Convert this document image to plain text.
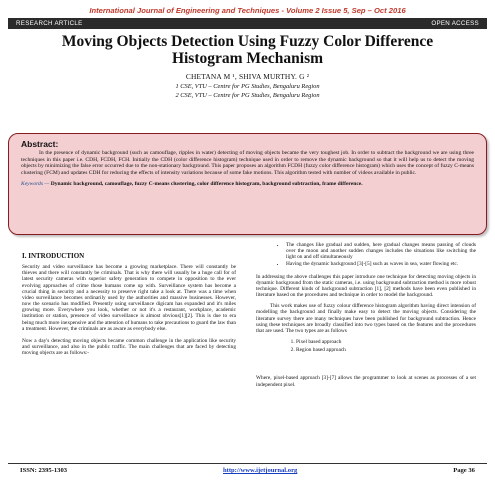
International Journal of Engineering and Techniques - Volume 2 Issue 5, Sep – Oct 2016
RESEARCH ARTICLE	OPEN ACCESS
Moving Objects Detection Using Fuzzy Color Difference Histogram Mechanism
CHETANA M ¹, SHIVA MURTHY. G ²
1 CSE, VTU – Centre for PG Studies, Bengaluru Region
2 CSE, VTU – Centre for PG Studies, Bengaluru Region
Abstract:

In the presence of dynamic background (such as camouflage, ripples in water) detecting of moving objects became the very toughest job. In order to subtract the background we are using three techniques in this paper i.e. CDH, FCDH, FCH. Initially the CDH (color difference histogram) technique used in order to remove the dynamic background so that it will help us to detect the moving objects by minimizing the false error occurred due to the non-stationary background. This paper proposes an algorithm FCDH (fuzzy color difference histogram) which uses the concept of fuzzy C-means clustering (FCM) and updates CDH for reducing the effects of intensity variations because of some fake motions. This algorithm tested with number of videos available in public.

Keywords — Dynamic background, camouflage, fuzzy C-means clustering, color difference histogram, background subtraction, frame difference.

I. INTRODUCTION

Security and video surveillance has become a growing marketplace. There will constantly be thieves and there will constantly be criminals. That is why there will usually be a huge call for of latest security cameras with superior safety generation to compete in opposition to the ever evolving approaches of crime those humans come up with. Surveillance system has become a crucial thing in security and a necessity to preserve right take a look at. There was a time when video surveillance becomes ordinarily used by the authorities and massive businesses. However, now the scenario has modified. Presently using surveillance digicam has expanded and it's miles growing more. Everywhere you look, whether or not it's a restaurant, workplace, academic institution or station, presence of video surveillance is almost obvious[1][2]. This is due to era being much more inexpensive and the attention of humans to take precautions to guard the law than a treatment. However, the criminals are as aware as everybody else.

Now a day's detecting moving objects became common challenge in the application like security and surveillance, and also in the public traffic. The main challenges that are faced by detecting moving objects are as follows:-

• The changes like gradual and sudden, here gradual changes means passing of clouds over the moon and another sudden changes includes the situations like switching the light on and off simultaneously
• Having the dynamic background [3]-[5] such as waves in sea, water flowing etc.

In addressing the above challenges this paper introduce one technique for detecting moving objects in dynamic background from the static cameras, i.e. using background subtraction method is more robust technique. Different kinds of background subtraction [1], [2] methods have been even published in literature based on the procedures and technique in order to model the background.

This work makes use of fuzzy colour difference histogram algorithm having direct intension of modelling the background and finally make easy to detect the moving objects. Considering the literature survey there are many techniques have been published for background subtraction. Hence using these techniques are broadly classified into two types based on the features and the procedures that are used. The two types are as follows

1. Pixel based approach
2. Region based approach

Where, pixel-based approach [3]-[7] allows the programmer to look at scenes as processes of a set independent pixel.

ISSN: 2395-1303	http://www.ijetjournal.org	Page 36
